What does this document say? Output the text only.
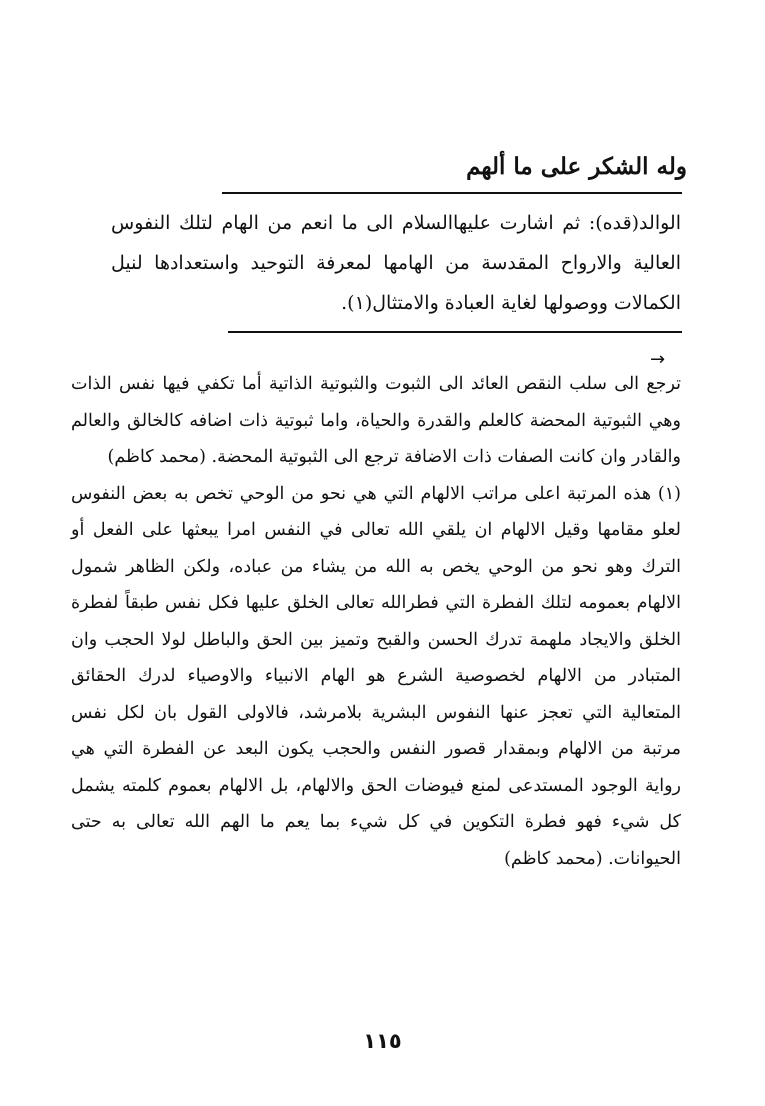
وله الشكر على ما ألهم

الوالد(قده): ثم اشارت عليهاالسلام الى ما انعم من الهام لتلك النفوس العالية والارواح المقدسة من الهامها لمعرفة التوحيد واستعدادها لنيل الكمالات ووصولها لغاية العبادة والامتثال(١).

→

ترجع الى سلب النقص العائد الى الثبوت والثبوتية الذاتية أما تكفي فيها نفس الذات وهي الثبوتية المحضة كالعلم والقدرة والحياة، واما ثبوتية ذات اضافه كالخالق والعالم والقادر وان كانت الصفات ذات الاضافة ترجع الى الثبوتية المحضة. (محمد كاظم)

(١) هذه المرتبة اعلى مراتب الالهام التي هي نحو من الوحي تخص به بعض النفوس لعلو مقامها وقيل الالهام ان يلقي الله تعالى في النفس امرا يبعثها على الفعل أو الترك وهو نحو من الوحي يخص به الله من يشاء من عباده، ولكن الظاهر شمول الالهام بعمومه لتلك الفطرة التي فطرالله تعالى الخلق عليها فكل نفس طبقاً لفطرة الخلق والايجاد ملهمة تدرك الحسن والقبح وتميز بين الحق والباطل لولا الحجب وان المتبادر من الالهام لخصوصية الشرع هو الهام الانبياء والاوصياء لدرك الحقائق المتعالية التي تعجز عنها النفوس البشرية بلامرشد، فالاولى القول بان لكل نفس مرتبة من الالهام وبمقدار قصور النفس والحجب يكون البعد عن الفطرة التي هي رواية الوجود المستدعى لمنع فيوضات الحق والالهام، بل الالهام بعموم كلمته يشمل كل شيء فهو فطرة التكوين في كل شيء بما يعم ما الهم الله تعالى به حتى الحيوانات. (محمد كاظم)

١١٥
